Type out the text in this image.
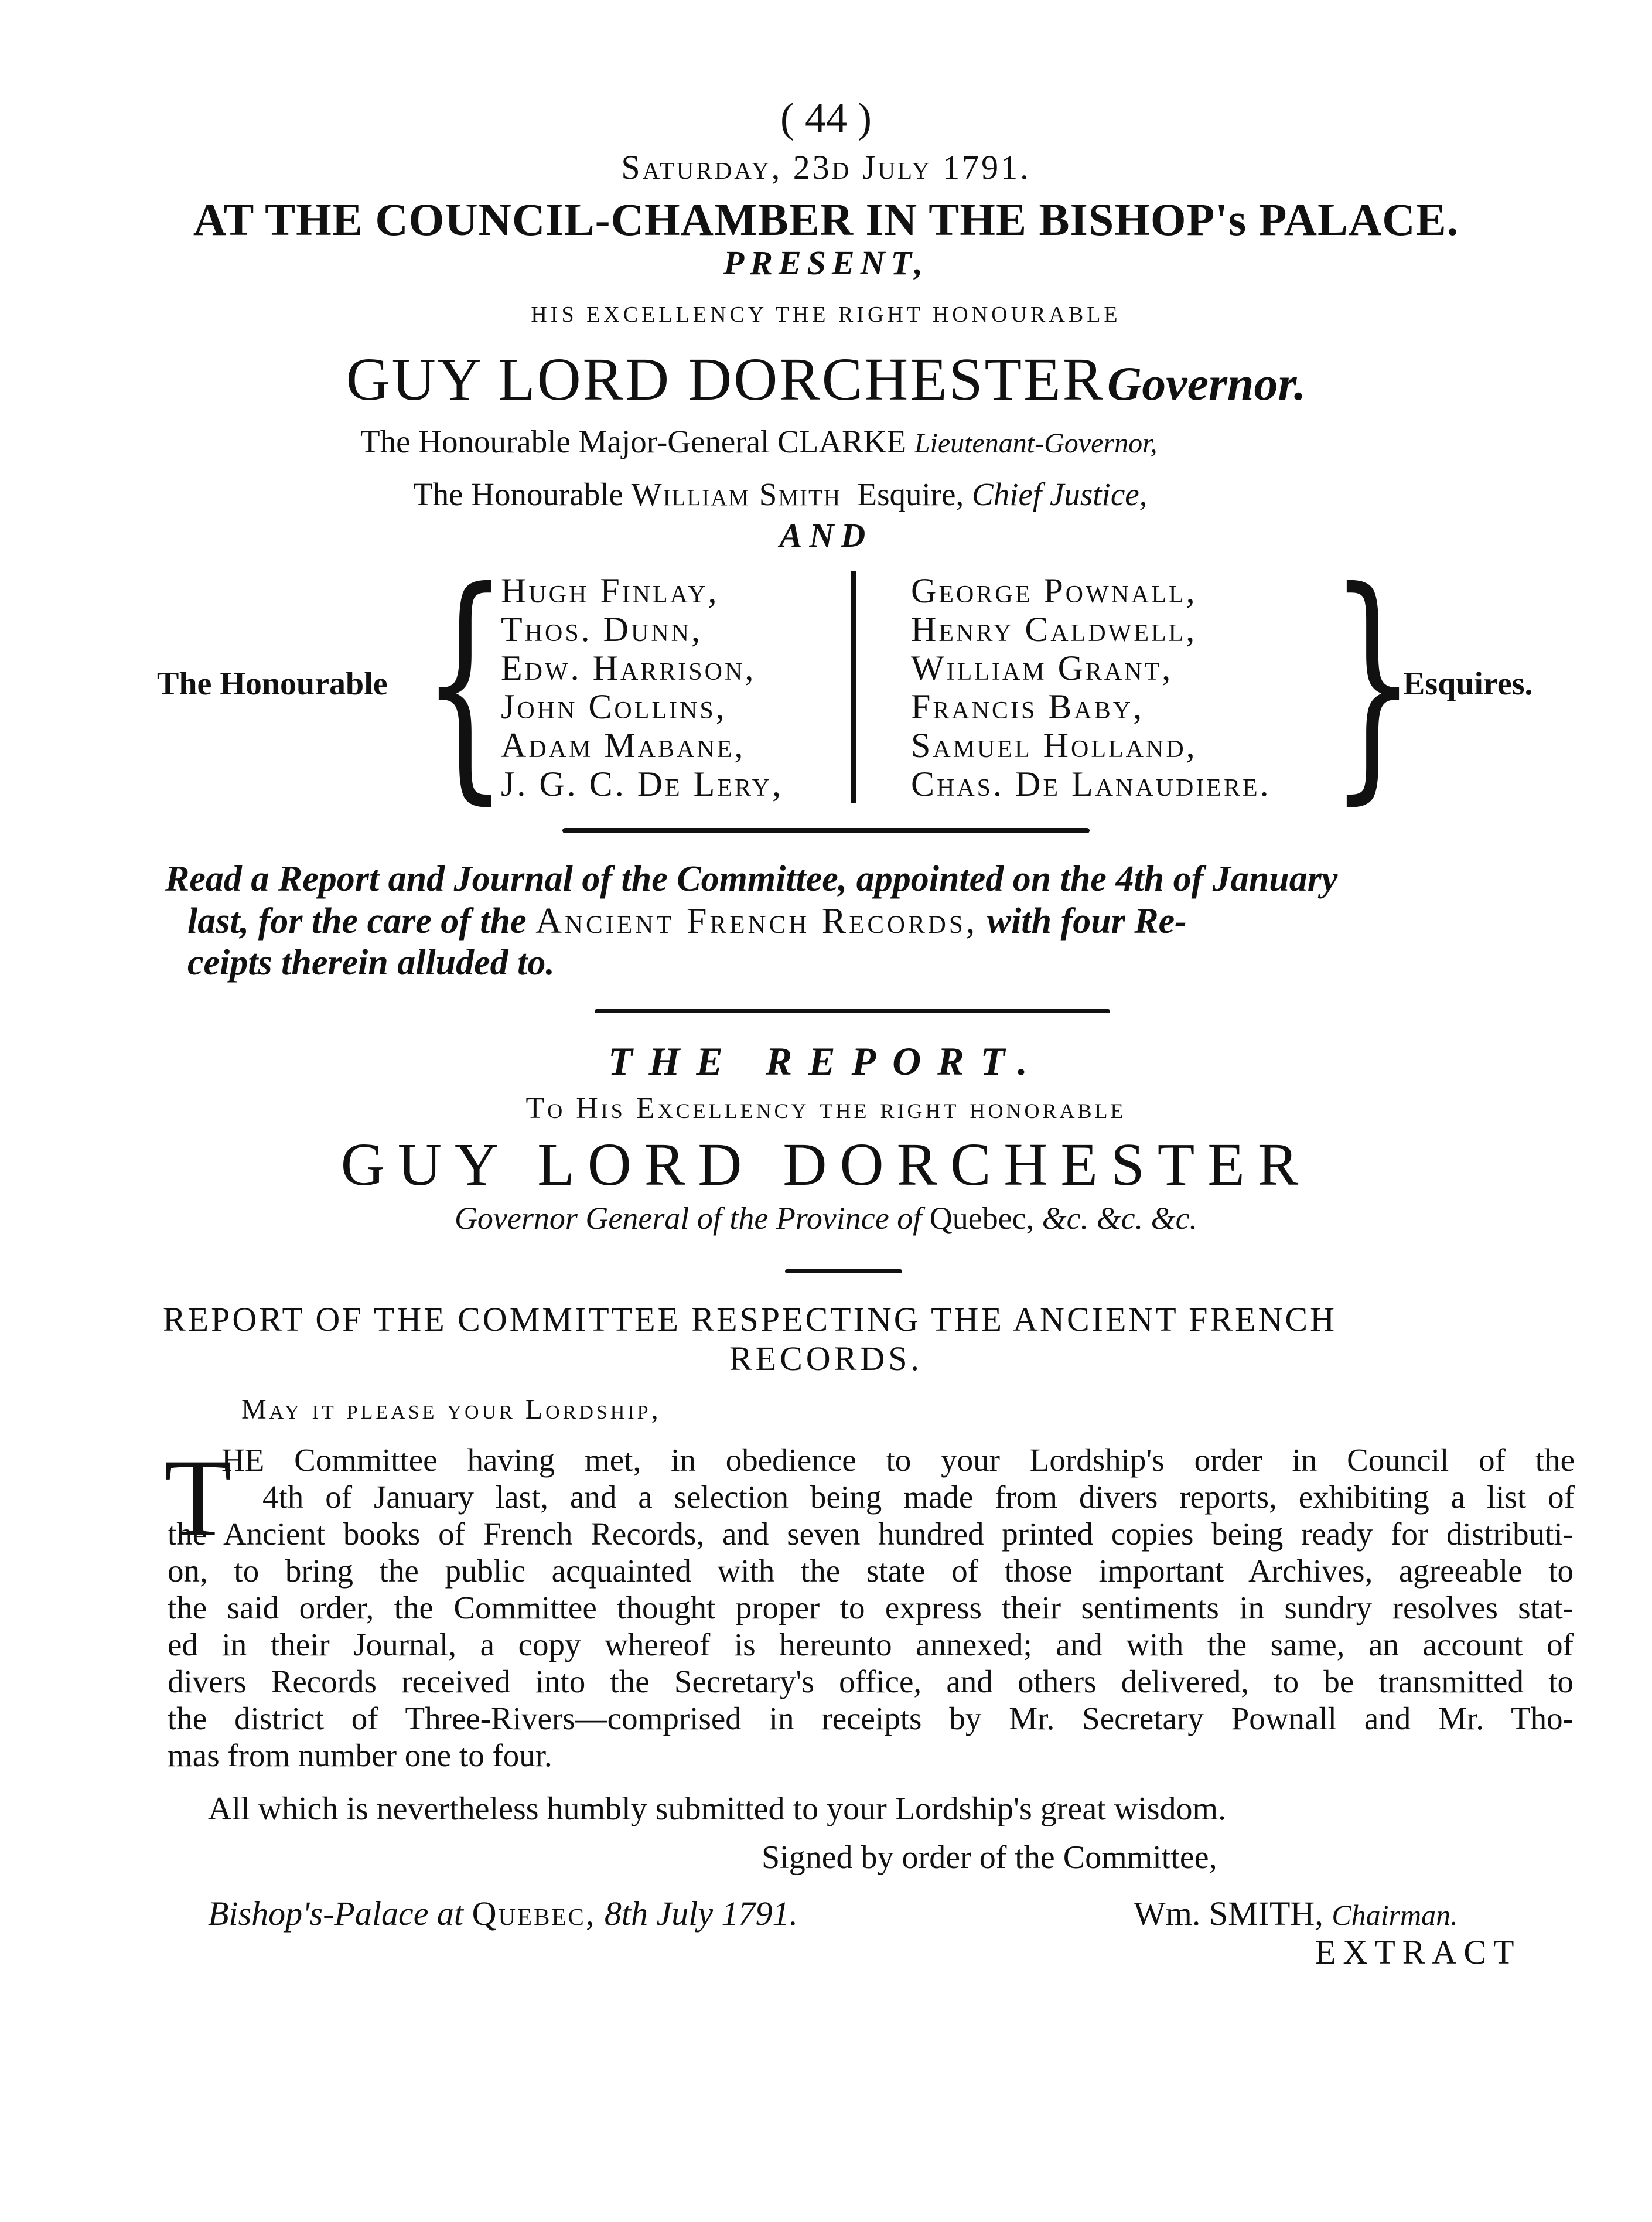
( 44 )
Saturday, 23d July 1791.
AT THE COUNCIL-CHAMBER IN THE BISHOP's PALACE.
PRESENT,
HIS EXCELLENCY THE RIGHT HONOURABLE
GUY LORD DORCHESTER Governor.
The Honourable Major-General CLARKE Lieutenant-Governor,
The Honourable William Smith Esquire, Chief Justice,
AND
The Honourable {
Hugh Finlay,
Thos. Dunn,
Edw. Harrison,
John Collins,
Adam Mabane,
J. G. C. De Lery,
George Pownall,
Henry Caldwell,
William Grant,
Francis Baby,
Samuel Holland,
Chas. De Lanaudiere. }
Esquires.
Read a Report and Journal of the Committee, appointed on the 4th of January
last, for the care of the Ancient French Records, with four Re-
ceipts therein alluded to.
THE REPORT.
To His Excellency the right honorable
GUY LORD DORCHESTER
Governor General of the Province of Quebec, &c. &c. &c.
REPORT OF THE COMMITTEE RESPECTING THE ANCIENT FRENCH
RECORDS.
May it please your Lordship,
T
HE Committee having met, in obedience to your Lordship's order in Council of the
4th of January last, and a selection being made from divers reports, exhibiting a list of
the Ancient books of French Records, and seven hundred printed copies being ready for distributi-
on, to bring the public acquainted with the state of those important Archives, agreeable to
the said order, the Committee thought proper to express their sentiments in sundry resolves stat-
ed in their Journal, a copy whereof is hereunto annexed; and with the same, an account of
divers Records received into the Secretary's office, and others delivered, to be transmitted to
the district of Three-Rivers—comprised in receipts by Mr. Secretary Pownall and Mr. Tho-
mas from number one to four.
All which is nevertheless humbly submitted to your Lordship's great wisdom.
Signed by order of the Committee,
Bishop's-Palace at Quebec, 8th July 1791.	Wm. SMITH, Chairman.
EXTRACT
